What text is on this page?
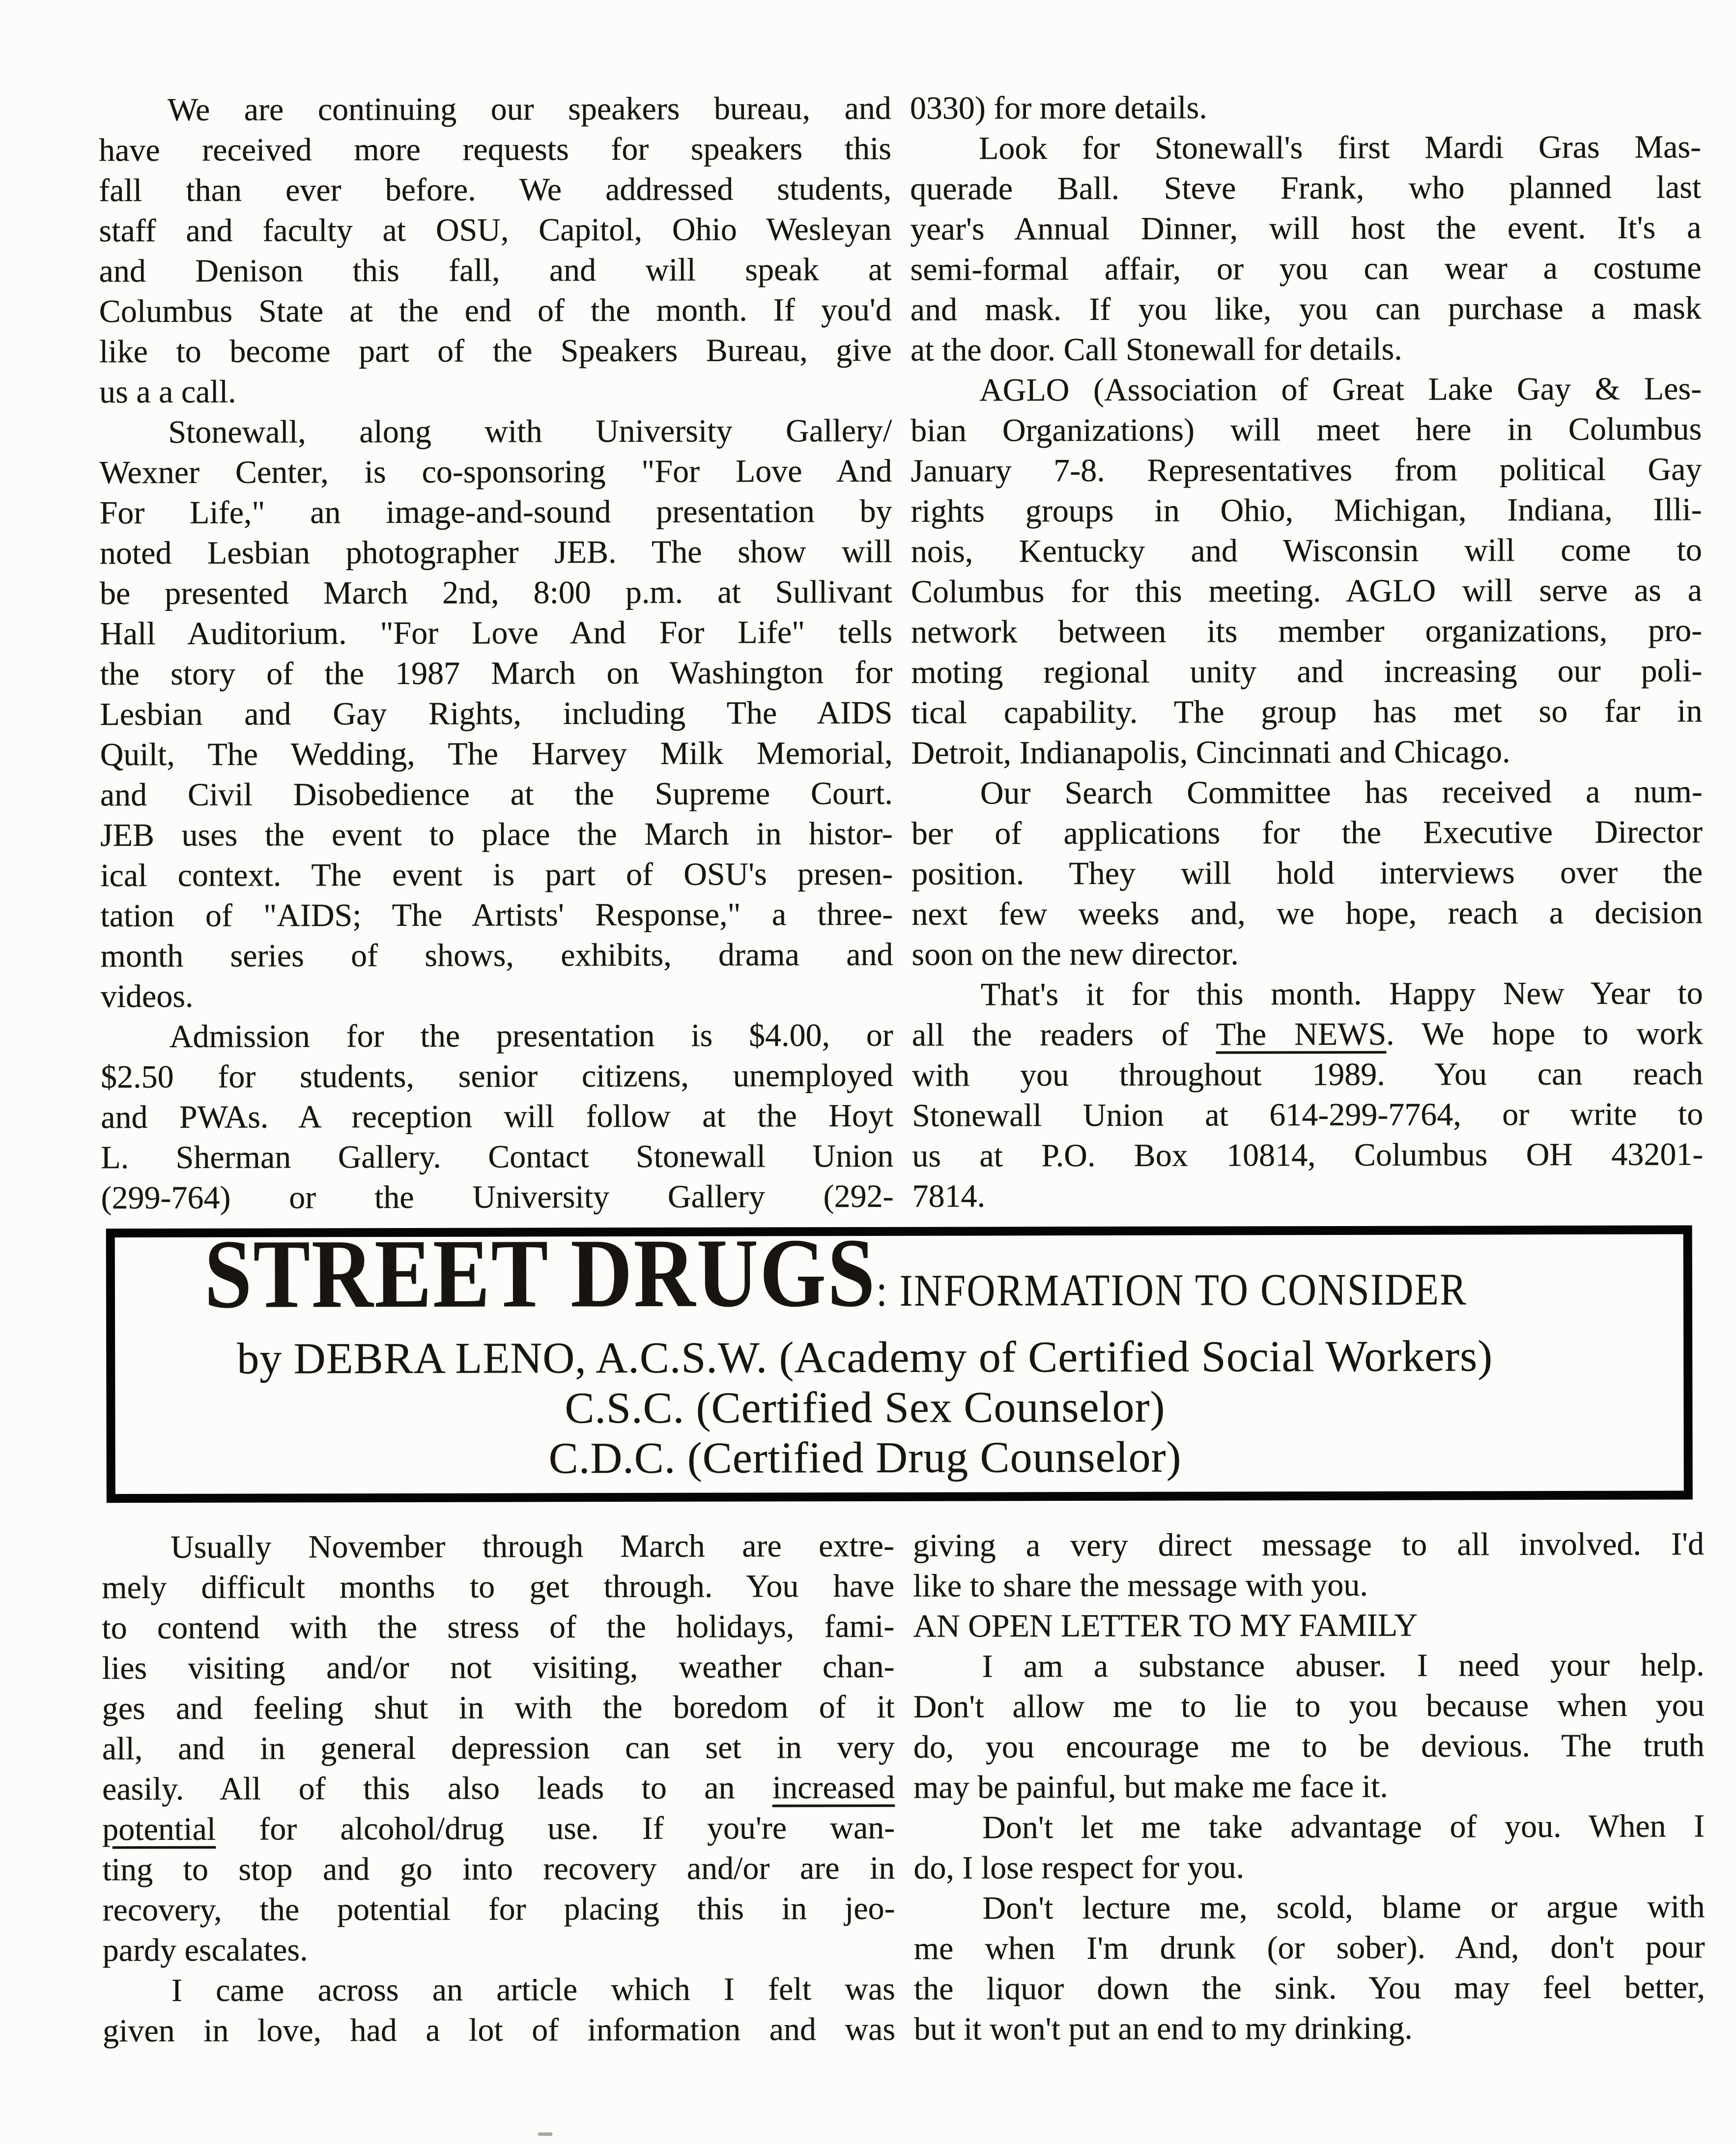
We are continuing our speakers bureau, and
have received more requests for speakers this
fall than ever before. We addressed students,
staff and faculty at OSU, Capitol, Ohio Wesleyan
and Denison this fall, and will speak at
Columbus State at the end of the month. If you'd
like to become part of the Speakers Bureau, give
us a a call.
Stonewall, along with University Gallery/
Wexner Center, is co-sponsoring "For Love And
For Life," an image-and-sound presentation by
noted Lesbian photographer JEB. The show will
be presented March 2nd, 8:00 p.m. at Sullivant
Hall Auditorium. "For Love And For Life" tells
the story of the 1987 March on Washington for
Lesbian and Gay Rights, including The AIDS
Quilt, The Wedding, The Harvey Milk Memorial,
and Civil Disobedience at the Supreme Court.
JEB uses the event to place the March in histor-
ical context. The event is part of OSU's presen-
tation of "AIDS; The Artists' Response," a three-
month series of shows, exhibits, drama and
videos.
Admission for the presentation is $4.00, or
$2.50 for students, senior citizens, unemployed
and PWAs. A reception will follow at the Hoyt
L. Sherman Gallery. Contact Stonewall Union
(299-764) or the University Gallery (292-
0330) for more details.
Look for Stonewall's first Mardi Gras Mas-
querade Ball. Steve Frank, who planned last
year's Annual Dinner, will host the event. It's a
semi-formal affair, or you can wear a costume
and mask. If you like, you can purchase a mask
at the door. Call Stonewall for details.
AGLO (Association of Great Lake Gay & Les-
bian Organizations) will meet here in Columbus
January 7-8. Representatives from political Gay
rights groups in Ohio, Michigan, Indiana, Illi-
nois, Kentucky and Wisconsin will come to
Columbus for this meeting. AGLO will serve as a
network between its member organizations, pro-
moting regional unity and increasing our poli-
tical capability. The group has met so far in
Detroit, Indianapolis, Cincinnati and Chicago.
Our Search Committee has received a num-
ber of applications for the Executive Director
position. They will hold interviews over the
next few weeks and, we hope, reach a decision
soon on the new director.
That's it for this month. Happy New Year to
all the readers of The NEWS. We hope to work
with you throughout 1989. You can reach
Stonewall Union at 614-299-7764, or write to
us at P.O. Box 10814, Columbus OH 43201-
7814.
STREET DRUGS: INFORMATION TO CONSIDER
by DEBRA LENO, A.C.S.W. (Academy of Certified Social Workers)
C.S.C. (Certified Sex Counselor)
C.D.C. (Certified Drug Counselor)
Usually November through March are extre-
mely difficult months to get through. You have
to contend with the stress of the holidays, fami-
lies visiting and/or not visiting, weather chan-
ges and feeling shut in with the boredom of it
all, and in general depression can set in very
easily. All of this also leads to an increased
potential for alcohol/drug use. If you're wan-
ting to stop and go into recovery and/or are in
recovery, the potential for placing this in jeo-
pardy escalates.
I came across an article which I felt was
given in love, had a lot of information and was
giving a very direct message to all involved. I'd
like to share the message with you.
AN OPEN LETTER TO MY FAMILY
I am a substance abuser. I need your help.
Don't allow me to lie to you because when you
do, you encourage me to be devious. The truth
may be painful, but make me face it.
Don't let me take advantage of you. When I
do, I lose respect for you.
Don't lecture me, scold, blame or argue with
me when I'm drunk (or sober). And, don't pour
the liquor down the sink. You may feel better,
but it won't put an end to my drinking.
